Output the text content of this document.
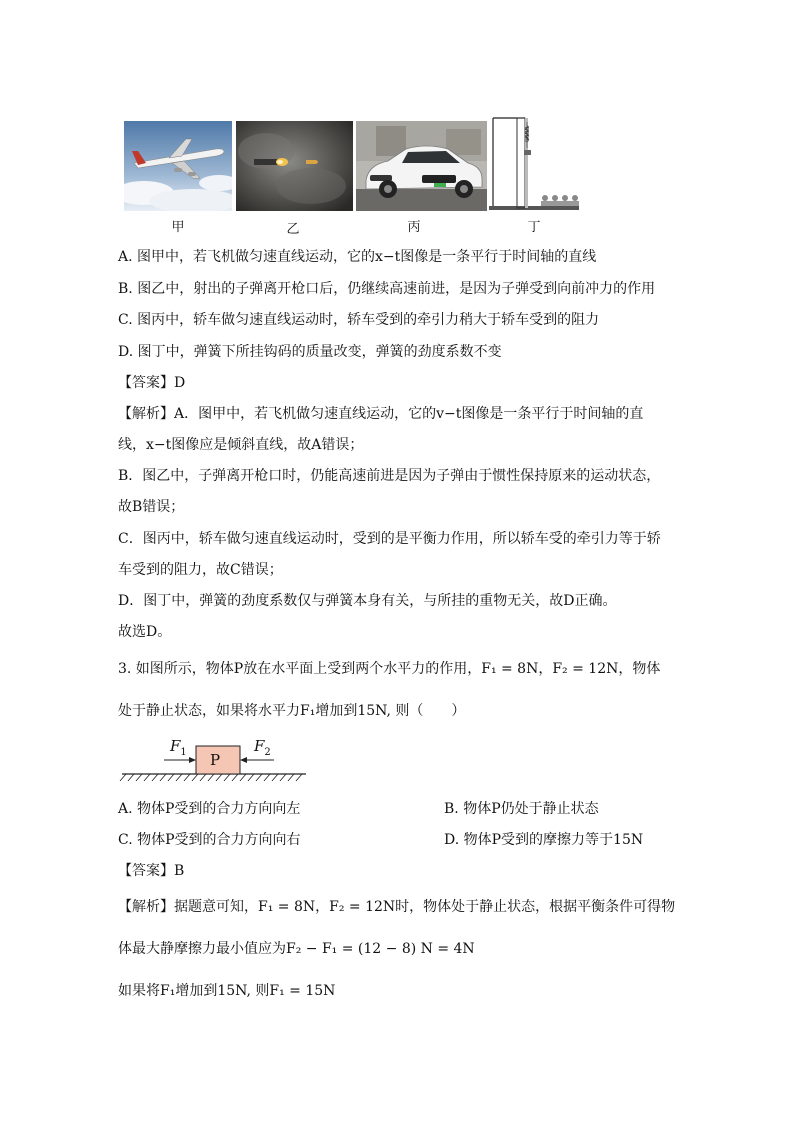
甲	乙	丙
0000
丁
A. 图甲中，若飞机做匀速直线运动，它的x−t图像是一条平行于时间轴的直线
B. 图乙中，射出的子弹离开枪口后，仍继续高速前进，是因为子弹受到向前冲力的作用
C. 图丙中，轿车做匀速直线运动时，轿车受到的牵引力稍大于轿车受到的阻力
D. 图丁中，弹簧下所挂钩码的质量改变，弹簧的劲度系数不变
【答案】D
【解析】A．图甲中，若飞机做匀速直线运动，它的v−t图像是一条平行于时间轴的直
线，x−t图像应是倾斜直线，故A错误；
B．图乙中，子弹离开枪口时，仍能高速前进是因为子弹由于惯性保持原来的运动状态，
故B错误；
C．图丙中，轿车做匀速直线运动时，受到的是平衡力作用，所以轿车受的牵引力等于轿
车受到的阻力，故C错误；
D．图丁中，弹簧的劲度系数仅与弹簧本身有关，与所挂的重物无关，故D正确。
故选D。
3. 如图所示，物体P放在水平面上受到两个水平力的作用，F₁ = 8N，F₂ = 12N，物体
处于静止状态，如果将水平力F₁增加到15N, 则（　　）
P
$F_1$	$F_2$
A. 物体P受到的合力方向向左	B. 物体P仍处于静止状态
C. 物体P受到的合力方向向右	D. 物体P受到的摩擦力等于15N
【答案】B
【解析】据题意可知，F₁ = 8N，F₂ = 12N时，物体处于静止状态，根据平衡条件可得物
体最大静摩擦力最小值应为F₂ − F₁ = (12 − 8) N = 4N
如果将F₁增加到15N, 则F₁ = 15N
